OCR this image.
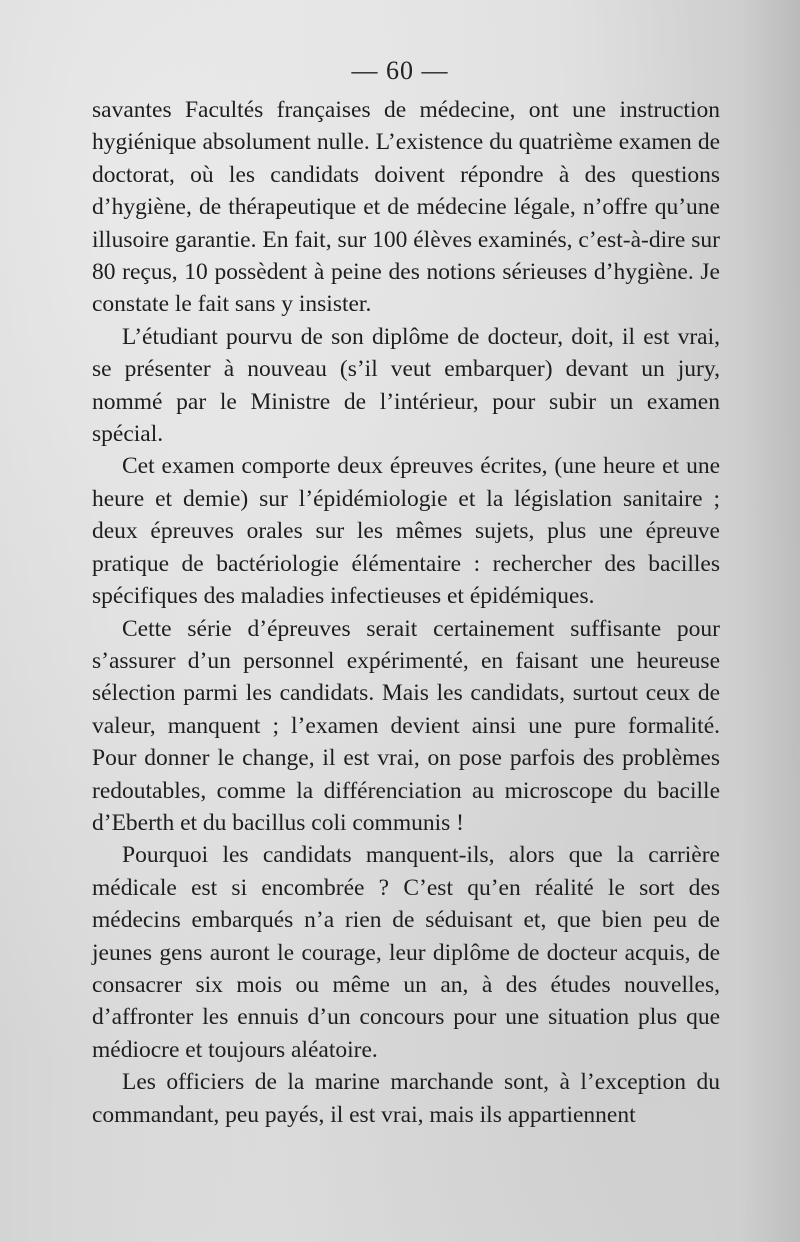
— 60 —

savantes Facultés françaises de médecine, ont une instruction hygiénique absolument nulle. L’existence du quatrième examen de doctorat, où les candidats doivent répondre à des questions d’hygiène, de thérapeutique et de médecine légale, n’offre qu’une illusoire garantie. En fait, sur 100 élèves examinés, c’est-à-dire sur 80 reçus, 10 possèdent à peine des notions sérieuses d’hygiène. Je constate le fait sans y insister.

L’étudiant pourvu de son diplôme de docteur, doit, il est vrai, se présenter à nouveau (s’il veut embarquer) devant un jury, nommé par le Ministre de l’intérieur, pour subir un examen spécial.

Cet examen comporte deux épreuves écrites, (une heure et une heure et demie) sur l’épidémiologie et la législation sanitaire ; deux épreuves orales sur les mêmes sujets, plus une épreuve pratique de bactériologie élémentaire : rechercher des bacilles spécifiques des maladies infectieuses et épidémiques.

Cette série d’épreuves serait certainement suffisante pour s’assurer d’un personnel expérimenté, en faisant une heureuse sélection parmi les candidats. Mais les candidats, surtout ceux de valeur, manquent ; l’examen devient ainsi une pure formalité. Pour donner le change, il est vrai, on pose parfois des problèmes redoutables, comme la différenciation au microscope du bacille d’Eberth et du bacillus coli communis !

Pourquoi les candidats manquent-ils, alors que la carrière médicale est si encombrée ? C’est qu’en réalité le sort des médecins embarqués n’a rien de séduisant et, que bien peu de jeunes gens auront le courage, leur diplôme de docteur acquis, de consacrer six mois ou même un an, à des études nouvelles, d’affronter les ennuis d’un concours pour une situation plus que médiocre et toujours aléatoire.

Les officiers de la marine marchande sont, à l’exception du commandant, peu payés, il est vrai, mais ils appartiennent
